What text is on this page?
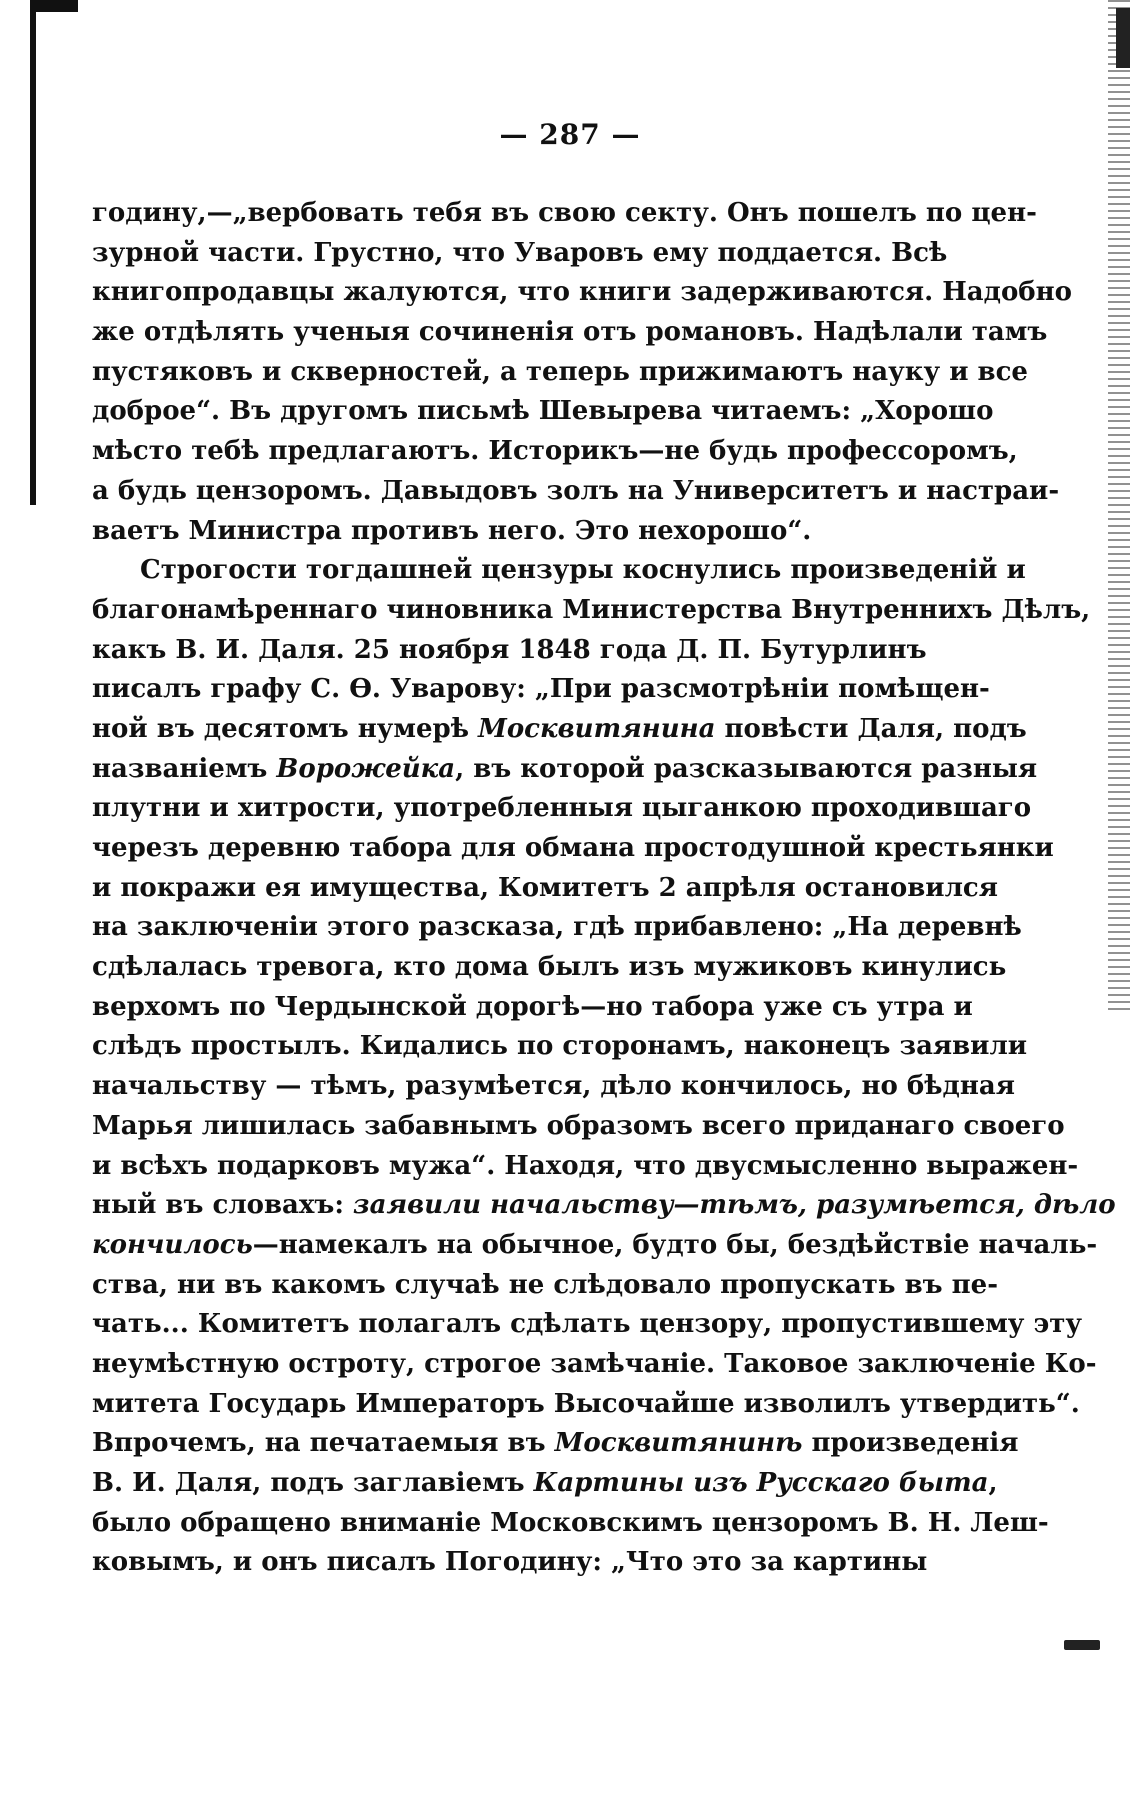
— 287 —
годину,—„вербовать тебя въ свою секту. Онъ пошелъ по цен-
зурной части. Грустно, что Уваровъ ему поддается. Всѣ
книгопродавцы жалуются, что книги задерживаются. Надобно
же отдѣлять ученыя сочиненія отъ романовъ. Надѣлали тамъ
пустяковъ и скверностей, а теперь прижимаютъ науку и все
доброе“. Въ другомъ письмѣ Шевырева читаемъ: „Хорошо
мѣсто тебѣ предлагаютъ. Историкъ—не будь профессоромъ,
а будь цензоромъ. Давыдовъ золъ на Университетъ и настраи-
ваетъ Министра противъ него. Это нехорошо“.
Строгости тогдашней цензуры коснулись произведеній и
благонамѣреннаго чиновника Министерства Внутреннихъ Дѣлъ,
какъ В. И. Даля. 25 ноября 1848 года Д. П. Бутурлинъ
писалъ графу С. Ѳ. Уварову: „При разсмотрѣніи помѣщен-
ной въ десятомъ нумерѣ Москвитянина повѣсти Даля, подъ
названіемъ Ворожейка, въ которой разсказываются разныя
плутни и хитрости, употребленныя цыганкою проходившаго
черезъ деревню табора для обмана простодушной крестьянки
и покражи ея имущества, Комитетъ 2 апрѣля остановился
на заключеніи этого разсказа, гдѣ прибавлено: „На деревнѣ
сдѣлалась тревога, кто дома былъ изъ мужиковъ кинулись
верхомъ по Чердынской дорогѣ—но табора уже съ утра и
слѣдъ простылъ. Кидались по сторонамъ, наконецъ заявили
начальству — тѣмъ, разумѣется, дѣло кончилось, но бѣдная
Марья лишилась забавнымъ образомъ всего приданаго своего
и всѣхъ подарковъ мужа“. Находя, что двусмысленно выражен-
ный въ словахъ: заявили начальству—тѣмъ, разумѣется, дѣло
кончилось—намекалъ на обычное, будто бы, бездѣйствіе началь-
ства, ни въ какомъ случаѣ не слѣдовало пропускать въ пе-
чать... Комитетъ полагалъ сдѣлать цензору, пропустившему эту
неумѣстную остроту, строгое замѣчаніе. Таковое заключеніе Ко-
митета Государь Императоръ Высочайше изволилъ утвердить“.
Впрочемъ, на печатаемыя въ Москвитянинѣ произведенія
В. И. Даля, подъ заглавіемъ Картины изъ Русскаго быта,
было обращено вниманіе Московскимъ цензоромъ В. Н. Леш-
ковымъ, и онъ писалъ Погодину: „Что это за картины
